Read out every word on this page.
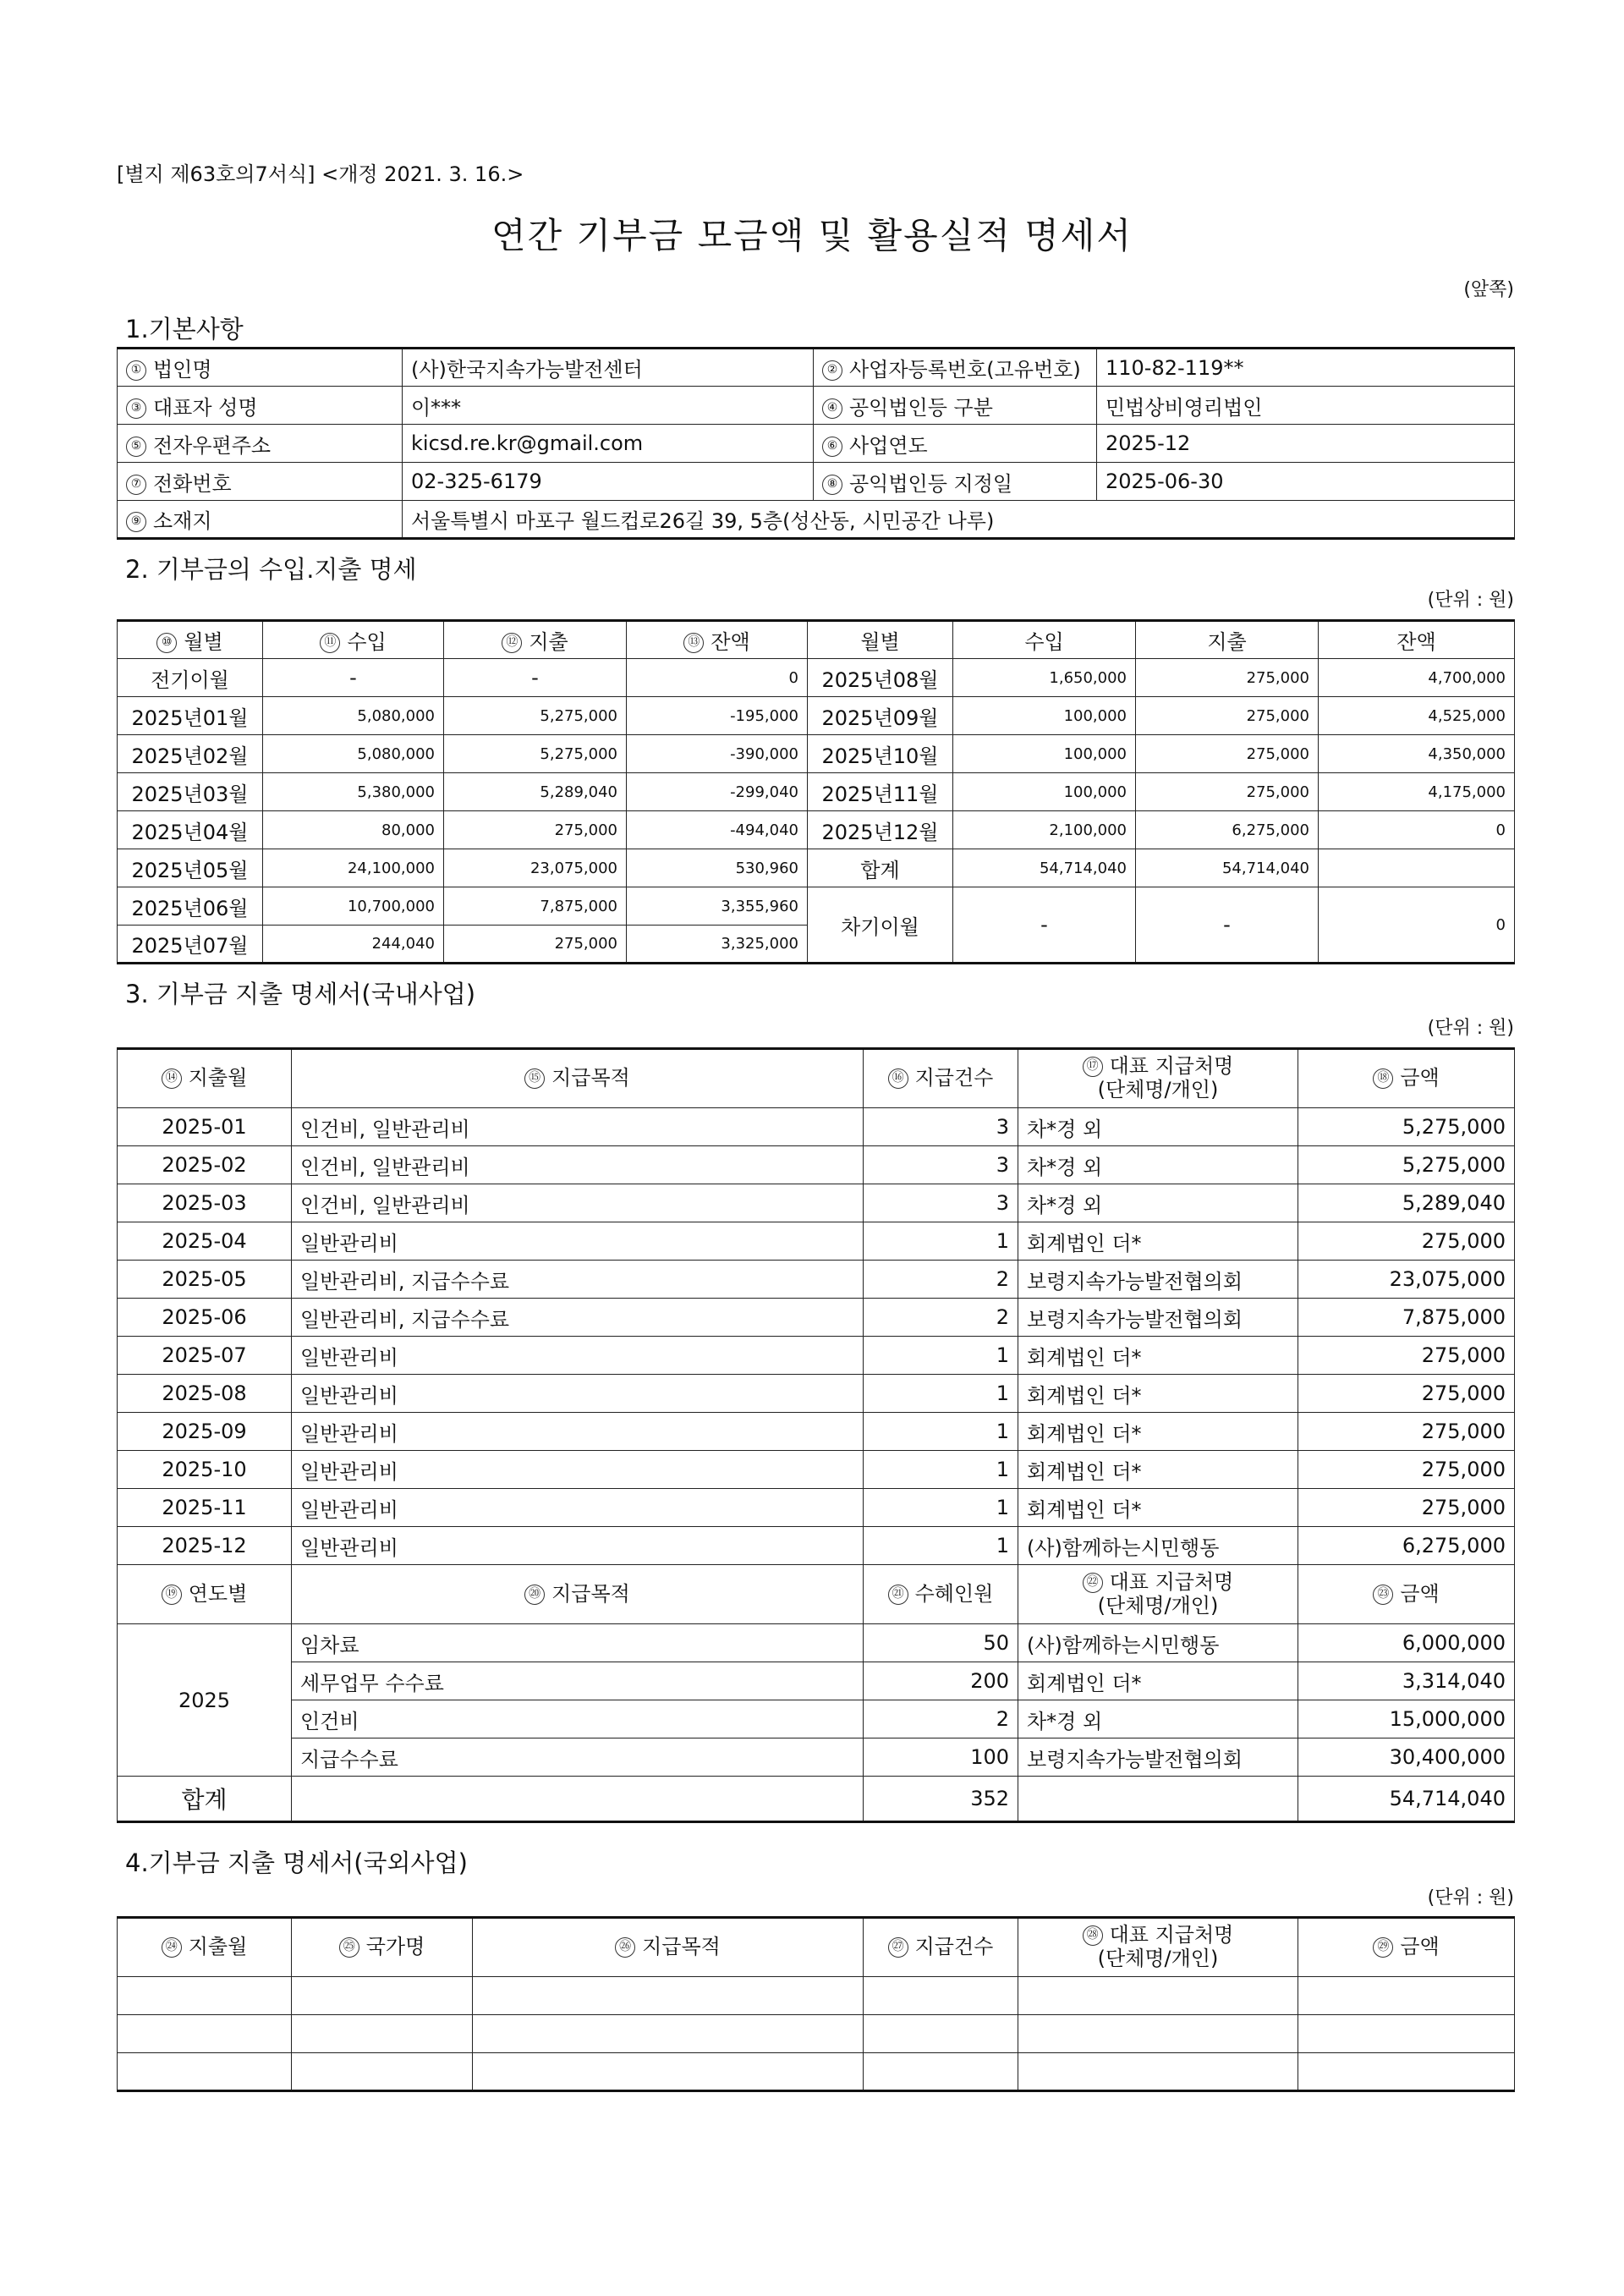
[별지 제63호의7서식] <개정 2021. 3. 16.>
연간 기부금 모금액 및 활용실적 명세서
(앞쪽)
1.기본사항
① 법인명	(사)한국지속가능발전센터	② 사업자등록번호(고유번호)	110-82-119**
③ 대표자 성명	이***	④ 공익법인등 구분	민법상비영리법인
⑤ 전자우편주소	kicsd.re.kr@gmail.com	⑥ 사업연도	2025-12
⑦ 전화번호	02-325-6179	⑧ 공익법인등 지정일	2025-06-30
⑨ 소재지	서울특별시 마포구 월드컵로26길 39, 5층(성산동, 시민공간 나루)		
2. 기부금의 수입.지출 명세
(단위 : 원)
⑩ 월별	⑪ 수입	⑫ 지출	⑬ 잔액	월별	수입	지출	잔액
전기이월	-	-	0	2025년08월	1,650,000	275,000	4,700,000
2025년01월	5,080,000	5,275,000	-195,000	2025년09월	100,000	275,000	4,525,000
2025년02월	5,080,000	5,275,000	-390,000	2025년10월	100,000	275,000	4,350,000
2025년03월	5,380,000	5,289,040	-299,040	2025년11월	100,000	275,000	4,175,000
2025년04월	80,000	275,000	-494,040	2025년12월	2,100,000	6,275,000	0
2025년05월	24,100,000	23,075,000	530,960	합계	54,714,040	54,714,040	
2025년06월	10,700,000	7,875,000	3,355,960	차기이월	-	-	0
2025년07월	244,040	275,000	3,325,000				
3. 기부금 지출 명세서(국내사업)
(단위 : 원)
⑭ 지출월	⑮ 지급목적	⑯ 지급건수	⑰ 대표 지급처명
(단체명/개인)	⑱ 금액
2025-01	인건비, 일반관리비	3	차*경 외	5,275,000
2025-02	인건비, 일반관리비	3	차*경 외	5,275,000
2025-03	인건비, 일반관리비	3	차*경 외	5,289,040
2025-04	일반관리비	1	회계법인 더*	275,000
2025-05	일반관리비, 지급수수료	2	보령지속가능발전협의회	23,075,000
2025-06	일반관리비, 지급수수료	2	보령지속가능발전협의회	7,875,000
2025-07	일반관리비	1	회계법인 더*	275,000
2025-08	일반관리비	1	회계법인 더*	275,000
2025-09	일반관리비	1	회계법인 더*	275,000
2025-10	일반관리비	1	회계법인 더*	275,000
2025-11	일반관리비	1	회계법인 더*	275,000
2025-12	일반관리비	1	(사)함께하는시민행동	6,275,000
⑲ 연도별	⑳ 지급목적	㉑ 수혜인원	㉒ 대표 지급처명
(단체명/개인)	㉓ 금액
2025	임차료	50	(사)함께하는시민행동	6,000,000
	세무업무 수수료	200	회계법인 더*	3,314,040
	인건비	2	차*경 외	15,000,000
	지급수수료	100	보령지속가능발전협의회	30,400,000
합계		352		54,714,040
4.기부금 지출 명세서(국외사업)
(단위 : 원)
㉔ 지출월	㉕ 국가명	㉖ 지급목적	㉗ 지급건수	㉘ 대표 지급처명
(단체명/개인)	㉙ 금액
